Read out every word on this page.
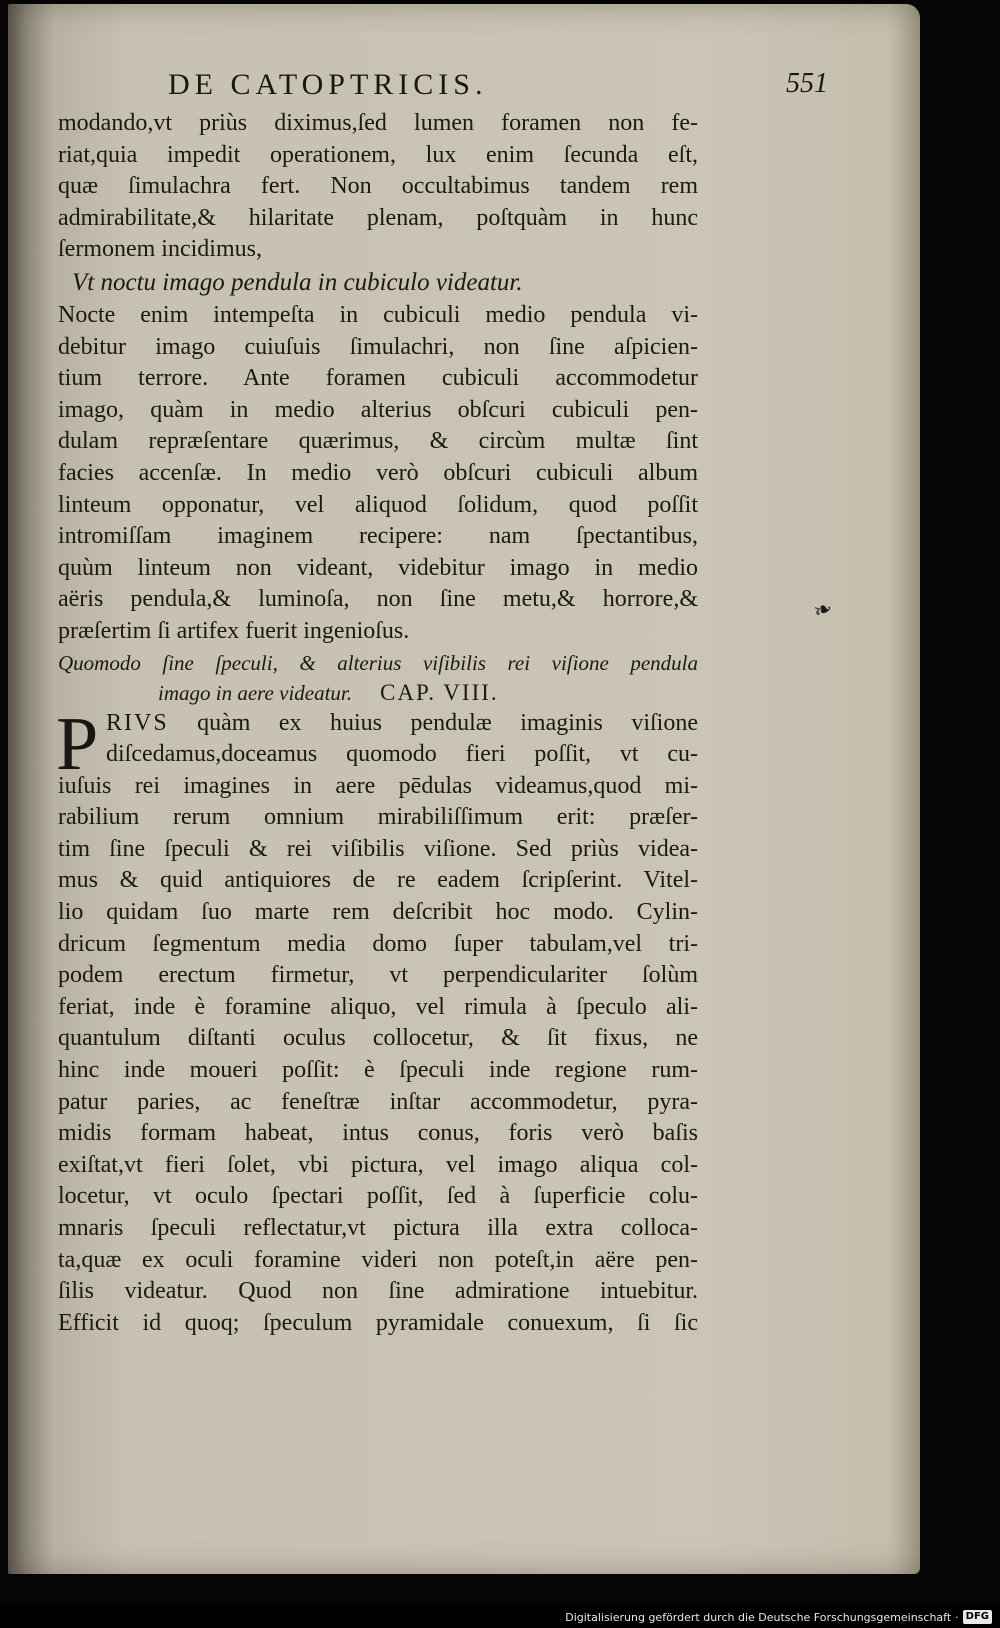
DE CATOPTRICIS.	551
modando,vt priùs diximus,ſed lumen foramen non fe-
riat,quia impedit operationem, lux enim ſecunda eſt,
quæ ſimulachra fert. Non occultabimus tandem rem
admirabilitate,& hilaritate plenam, poſtquàm in hunc
ſermonem incidimus,
Vt noctu imago pendula in cubiculo videatur.
Nocte enim intempeſta in cubiculi medio pendula vi-
debitur imago cuiuſuis ſimulachri, non ſine aſpicien-
tium terrore. Ante foramen cubiculi accommodetur
imago, quàm in medio alterius obſcuri cubiculi pen-
dulam repræſentare quærimus, & circùm multæ ſint
facies accenſæ. In medio verò obſcuri cubiculi album
linteum opponatur, vel aliquod ſolidum, quod poſſit
intromiſſam imaginem recipere: nam ſpectantibus,
quùm linteum non videant, videbitur imago in medio
aëris pendula,& luminoſa, non ſine metu,& horrore,&
præſertim ſi artifex fuerit ingenioſus.
Quomodo ſine ſpeculi, & alterius viſibilis rei viſione pendula
imago in aere videatur. CAP. VIII.
P RIVS quàm ex huius pendulæ imaginis viſione
diſcedamus,doceamus quomodo fieri poſſit, vt cu-
iuſuis rei imagines in aere pēdulas videamus,quod mi-
rabilium rerum omnium mirabiliſſimum erit: præſer-
tim ſine ſpeculi & rei viſibilis viſione. Sed priùs videa-
mus & quid antiquiores de re eadem ſcripſerint. Vitel-
lio quidam ſuo marte rem deſcribit hoc modo. Cylin-
dricum ſegmentum media domo ſuper tabulam,vel tri-
podem erectum firmetur, vt perpendiculariter ſolùm
feriat, inde è foramine aliquo, vel rimula à ſpeculo ali-
quantulum diſtanti oculus collocetur, & ſit fixus, ne
hinc inde moueri poſſit: è ſpeculi inde regione rum-
patur paries, ac feneſtræ inſtar accommodetur, pyra-
midis formam habeat, intus conus, foris verò baſis
exiſtat,vt fieri ſolet, vbi pictura, vel imago aliqua col-
locetur, vt oculo ſpectari poſſit, ſed à ſuperficie colu-
mnaris ſpeculi reflectatur,vt pictura illa extra colloca-
ta,quæ ex oculi foramine videri non poteſt,in aëre pen-
ſilis videatur. Quod non ſine admiratione intuebitur.
Efficit id quoq; ſpeculum pyramidale conuexum, ſi ſic
❧
Digitalisierung gefördert durch die Deutsche Forschungsgemeinschaft · DFG
